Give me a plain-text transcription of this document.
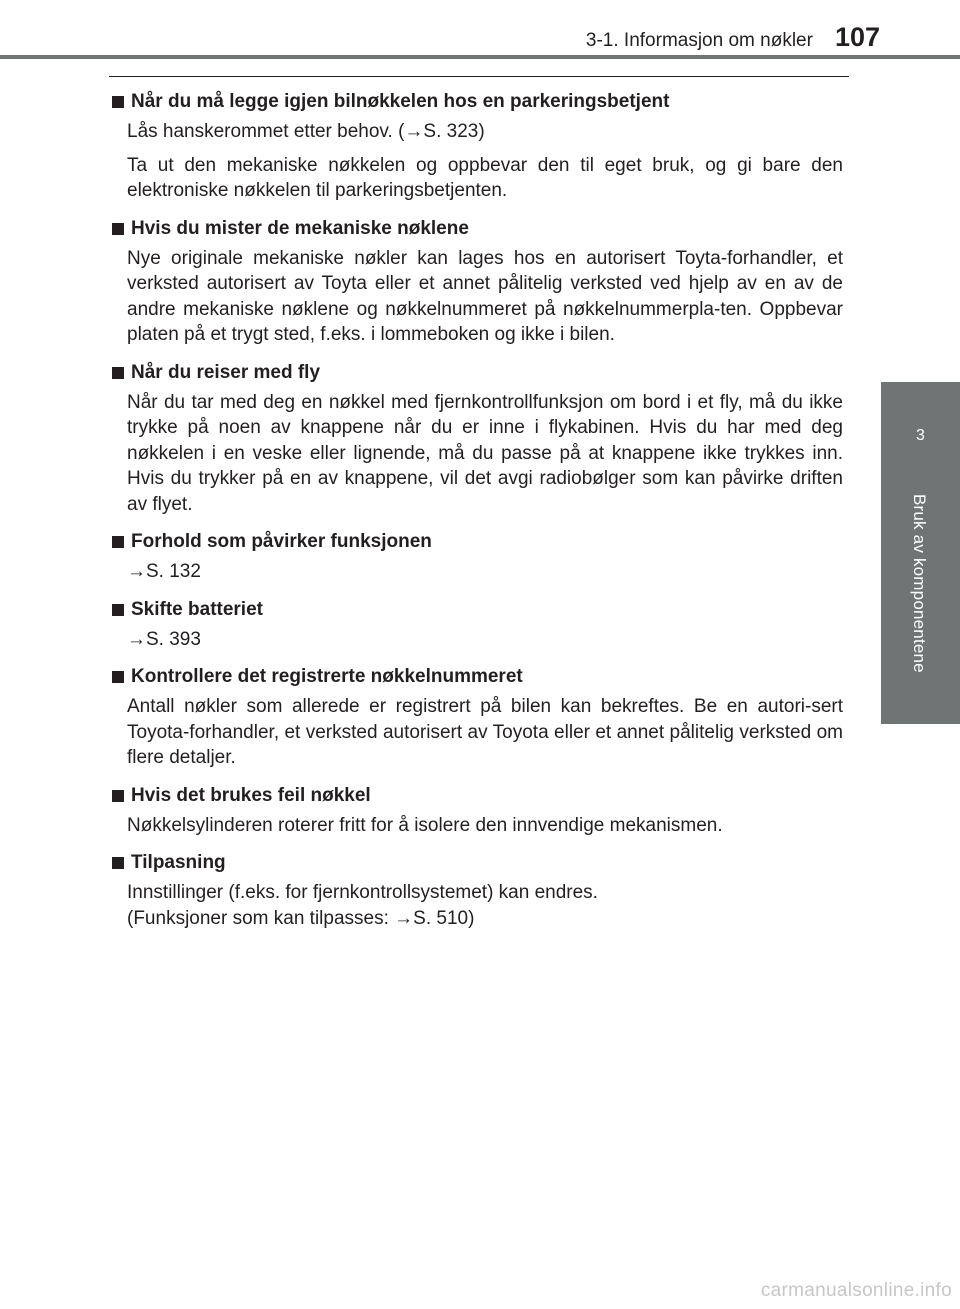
3-1. Informasjon om nøkler 107
3
Bruk av komponentene
Når du må legge igjen bilnøkkelen hos en parkeringsbetjent

Lås hanskerommet etter behov. (→S. 323)

Ta ut den mekaniske nøkkelen og oppbevar den til eget bruk, og gi bare den elektroniske nøkkelen til parkeringsbetjenten.

Hvis du mister de mekaniske nøklene

Nye originale mekaniske nøkler kan lages hos en autorisert Toyta-forhandler, et verksted autorisert av Toyta eller et annet pålitelig verksted ved hjelp av en av de andre mekaniske nøklene og nøkkelnummeret på nøkkelnummerpla-ten. Oppbevar platen på et trygt sted, f.eks. i lommeboken og ikke i bilen.

Når du reiser med fly

Når du tar med deg en nøkkel med fjernkontrollfunksjon om bord i et fly, må du ikke trykke på noen av knappene når du er inne i flykabinen. Hvis du har med deg nøkkelen i en veske eller lignende, må du passe på at knappene ikke trykkes inn. Hvis du trykker på en av knappene, vil det avgi radiobølger som kan påvirke driften av flyet.

Forhold som påvirker funksjonen

→S. 132

Skifte batteriet

→S. 393

Kontrollere det registrerte nøkkelnummeret

Antall nøkler som allerede er registrert på bilen kan bekreftes. Be en autori-sert Toyota-forhandler, et verksted autorisert av Toyota eller et annet pålitelig verksted om flere detaljer.

Hvis det brukes feil nøkkel

Nøkkelsylinderen roterer fritt for å isolere den innvendige mekanismen.

Tilpasning

Innstillinger (f.eks. for fjernkontrollsystemet) kan endres.

(Funksjoner som kan tilpasses: →S. 510)

carmanualsonline.info
